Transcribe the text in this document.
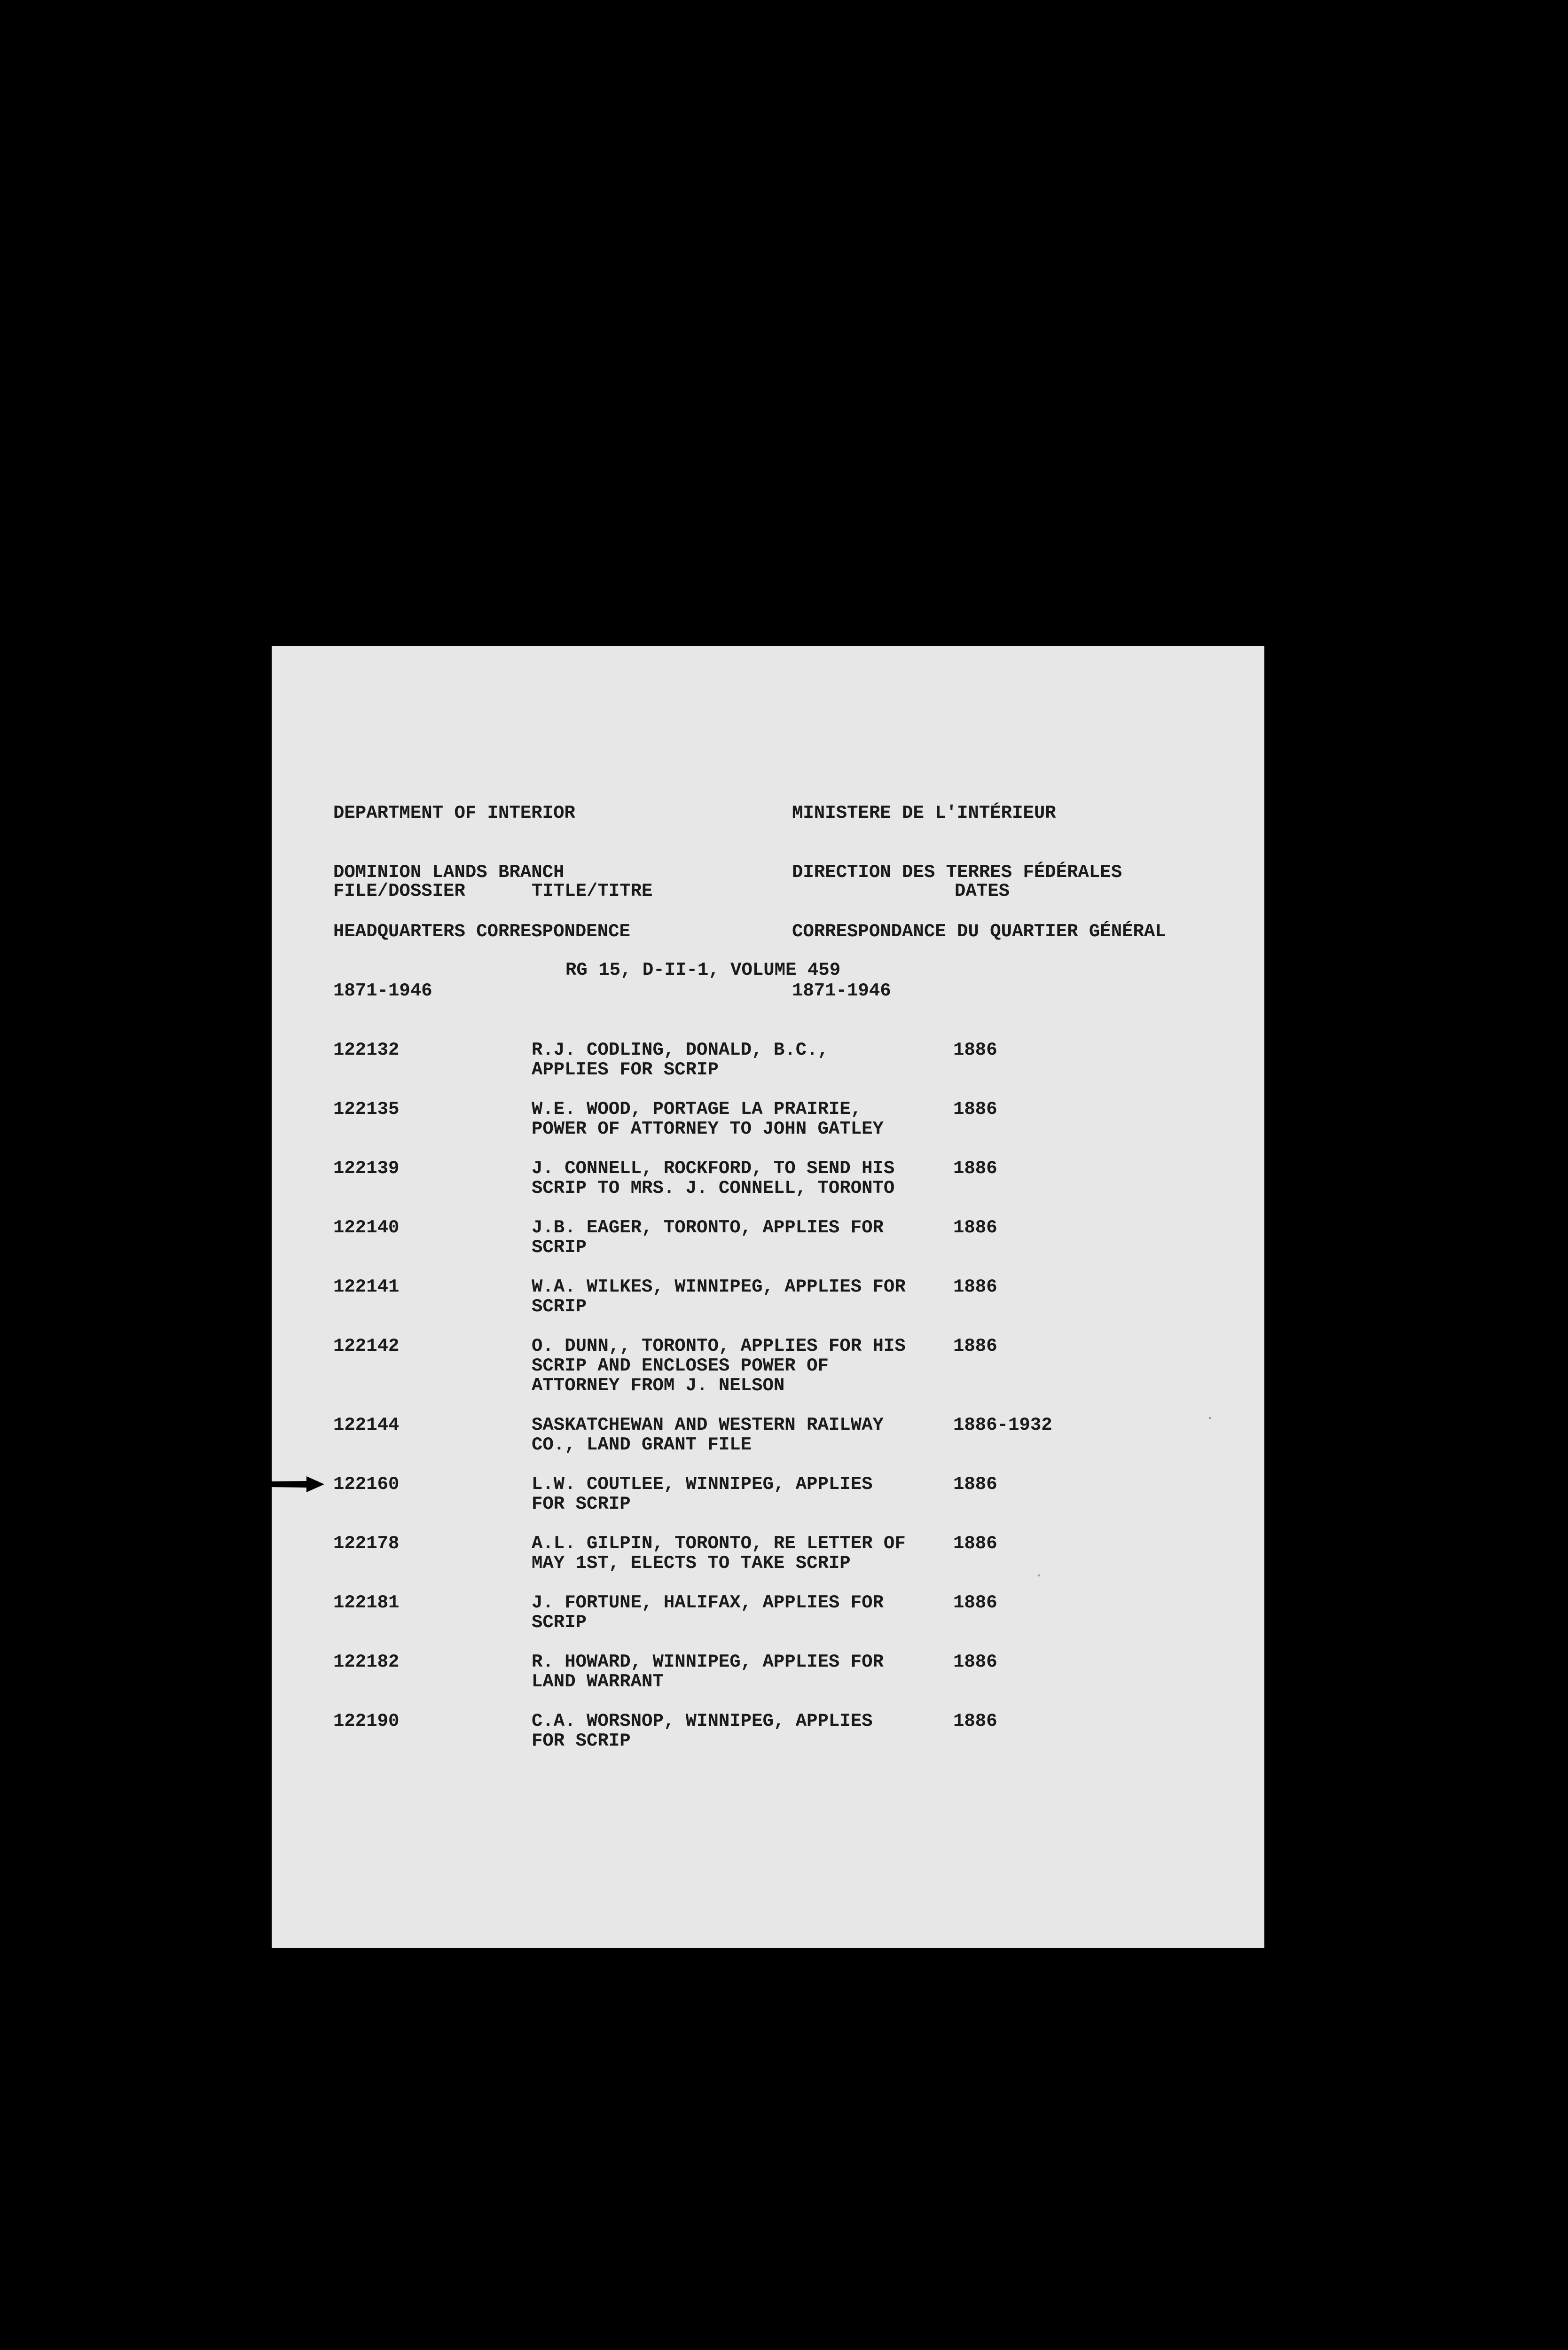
DEPARTMENT OF INTERIOR

DOMINION LANDS BRANCH

HEADQUARTERS CORRESPONDENCE

1871-1946

MINISTERE DE L'INTÉRIEUR

DIRECTION DES TERRES FÉDÉRALES

CORRESPONDANCE DU QUARTIER GÉNÉRAL

1871-1946

FILE/DOSSIER	TITLE/TITRE	DATES
RG 15, D-II-1, VOLUME 459
122132	R.J. CODLING, DONALD, B.C.,
APPLIES FOR SCRIP
1886
122135	W.E. WOOD, PORTAGE LA PRAIRIE,
POWER OF ATTORNEY TO JOHN GATLEY
1886
122139	J. CONNELL, ROCKFORD, TO SEND HIS
SCRIP TO MRS. J. CONNELL, TORONTO
1886
122140	J.B. EAGER, TORONTO, APPLIES FOR
SCRIP
1886
122141	W.A. WILKES, WINNIPEG, APPLIES FOR
SCRIP
1886
122142	O. DUNN,, TORONTO, APPLIES FOR HIS
SCRIP AND ENCLOSES POWER OF
ATTORNEY FROM J. NELSON
1886
122144	SASKATCHEWAN AND WESTERN RAILWAY
CO., LAND GRANT FILE
1886-1932
122160	L.W. COUTLEE, WINNIPEG, APPLIES
FOR SCRIP
1886
122178	A.L. GILPIN, TORONTO, RE LETTER OF
MAY 1ST, ELECTS TO TAKE SCRIP
1886
122181	J. FORTUNE, HALIFAX, APPLIES FOR
SCRIP
1886
122182	R. HOWARD, WINNIPEG, APPLIES FOR
LAND WARRANT
1886
122190	C.A. WORSNOP, WINNIPEG, APPLIES
FOR SCRIP
1886
